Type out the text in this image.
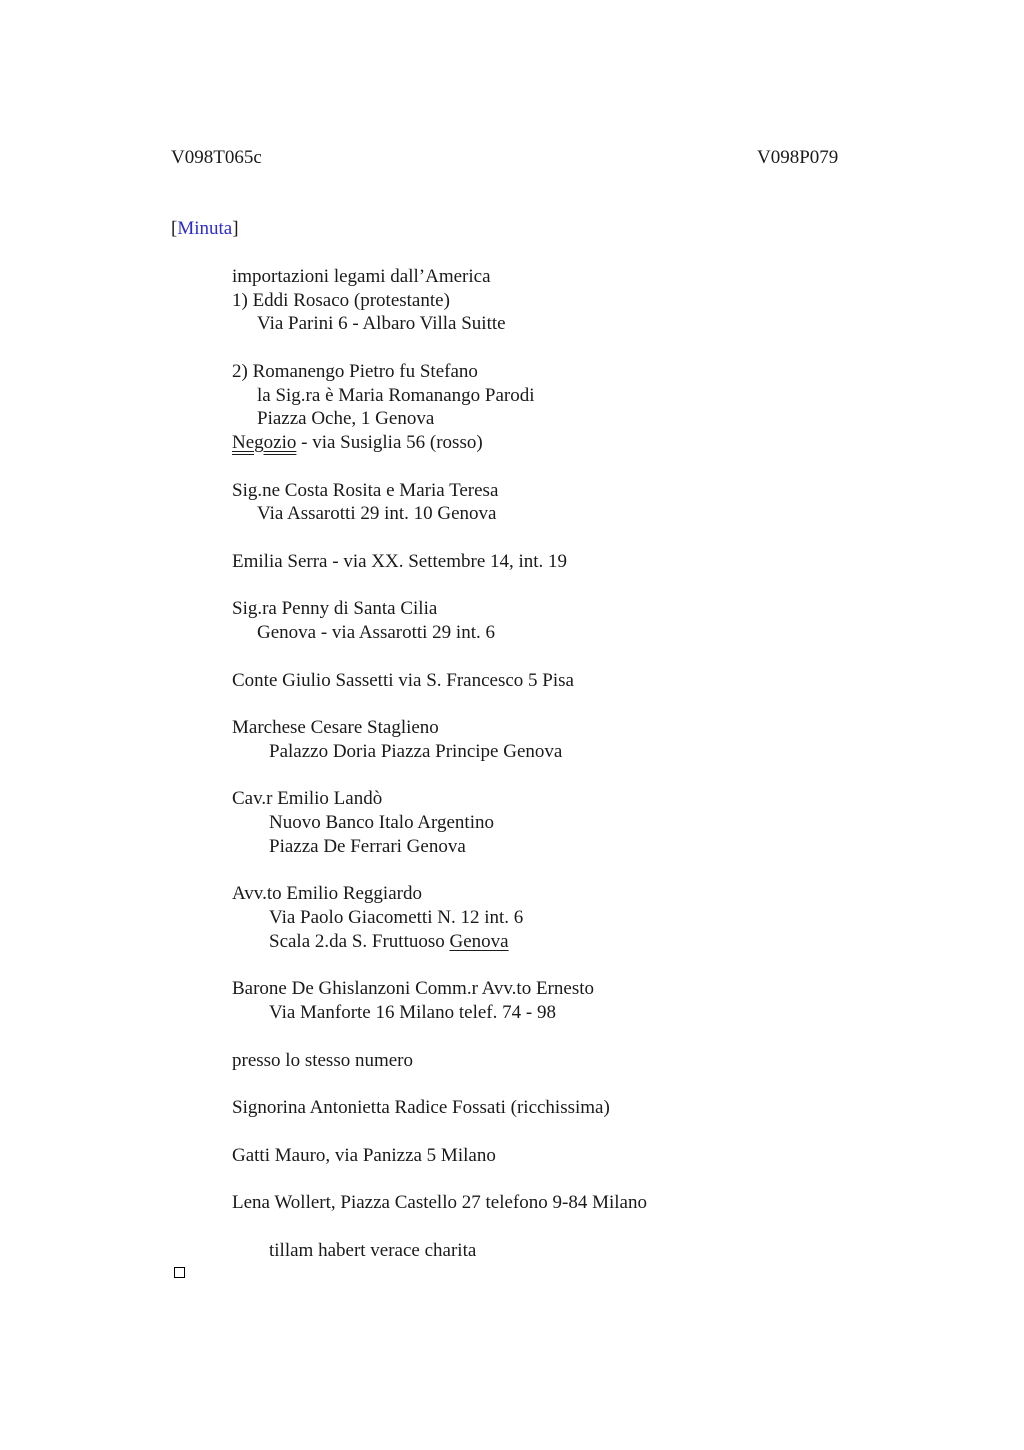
V098T065c	V098P079
[Minuta]
importazioni legami dall’America
1) Eddi Rosaco (protestante)
Via Parini 6 - Albaro Villa Suitte
2) Romanengo Pietro fu Stefano
la Sig.ra è Maria Romanango Parodi
Piazza Oche, 1 Genova
Negozio - via Susiglia 56 (rosso)
Sig.ne Costa Rosita e Maria Teresa
Via Assarotti 29 int. 10 Genova
Emilia Serra - via XX. Settembre 14, int. 19
Sig.ra Penny di Santa Cilia
Genova - via Assarotti 29 int. 6
Conte Giulio Sassetti via S. Francesco 5 Pisa
Marchese Cesare Staglieno
Palazzo Doria Piazza Principe Genova
Cav.r Emilio Landò
Nuovo Banco Italo Argentino
Piazza De Ferrari Genova
Avv.to Emilio Reggiardo
Via Paolo Giacometti N. 12 int. 6
Scala 2.da S. Fruttuoso Genova
Barone De Ghislanzoni Comm.r Avv.to Ernesto
Via Manforte 16 Milano telef. 74 - 98
presso lo stesso numero
Signorina Antonietta Radice Fossati (ricchissima)
Gatti Mauro, via Panizza 5 Milano
Lena Wollert, Piazza Castello 27 telefono 9-84 Milano
tillam habert verace charita
